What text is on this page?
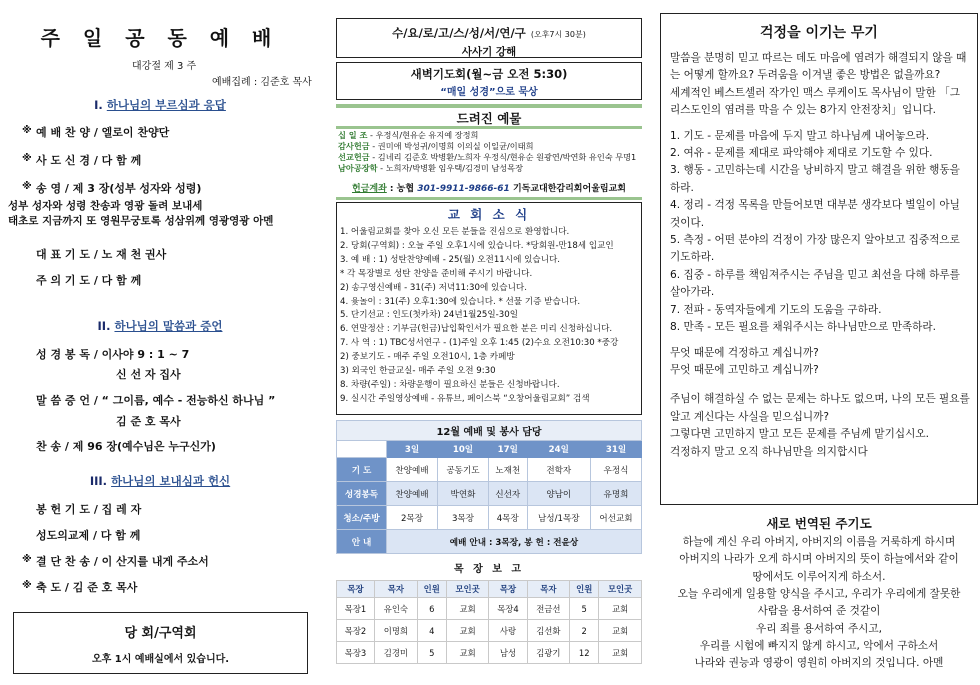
주 일 공 동 예 배
대강절 제 3 주
예배집례 : 김준호 목사
I. 하나님의 부르심과 응답
※ 예 배 찬 양 / 엘로이 찬양단
※ 사 도 신 경 / 다 함 께
※ 송 영 / 제 3 장(성부 성자와 성령)
성부 성자와 성령 찬송과 영광 돌려 보내세
태초로 지금까지 또 영원무궁토록 성삼위께 영광영광 아멘
대 표 기 도 / 노 재 천 권사
주 의 기 도 / 다 함 께
II. 하나님의 말씀과 증언
성 경 봉 독 / 이사야 9 : 1 ~ 7
신 선 자 집사
말 씀 증 언 / “ 그이름, 예수 - 전능하신 하나님 ”
김 준 호 목사
찬 송 / 제 96 장(예수님은 누구신가)
III. 하나님의 보내심과 헌신
봉 헌 기 도 / 집 레 자
성도의교제 / 다 함 께
※ 결 단 찬 송 / 이 산지를 내게 주소서
※ 축 도 / 김 준 호 목사
당 회/구역회
오후 1시 예배실에서 있습니다.
수/요/로/고/스/성/서/연/구 (오후7시 30분)
사사기 강해
새벽기도회(월~금 오전 5:30)
“매일 성경”으로 묵상
드려진 예물
십 일 조 - 우정식/현유순 유지예 장정희
감사헌금 - 권미애 박성귀/이명희 이의실 이일균/이태희
선교헌금 - 김네리 김준호 박병환/노희자 우정식/현유순 원광연/박연화 유인숙 무명1
남아공장학 - 노희자/박병환 임우택/김경미 남성목장
헌금계좌 : 농협 301-9911-9866-61 기독교대한감리회어울림교회
교 회 소 식
1. 어울림교회를 찾아 오신 모든 분들을 진심으로 환영합니다.
2. 당회(구역회) : 오늘 주일 오후1시에 있습니다. *당회원-만18세 입교인
3. 예 배 : 1) 성탄찬양예배 - 25(월) 오전11시에 있습니다.
* 각 목장별로 성탄 찬양을 준비해 주시기 바랍니다.
2) 송구영신예배 - 31(주) 저녁11:30에 있습니다.
4. 윷놀이 : 31(주) 오후1:30에 있습니다. * 선물 기증 받습니다.
5. 단기선교 : 인도(첫카차) 24년1월25일-30일
6. 연말정산 : 기부금(헌금)납입확인서가 필요한 분은 미리 신청하십니다.
7. 사 역 : 1) TBC성서연구 - (1)주일 오후 1:45 (2)수요 오전10:30 *중강
2) 중보기도 - 매주 주일 오전10시, 1층 카페방
3) 외국인 한글교실- 매주 주일 오전 9:30
8. 차량(주일) : 차량운행이 필요하신 분들은 신청바랍니다.
9. 실시간 주일영상예배 - 유튜브, 페이스북 “오창어울림교회” 검색
12월 예배 및 봉사 담당					
	3일	10일	17일	24일	31일
기 도	찬양예배	공동기도	노재천	전학자	우정식
성경봉독	찬양예배	박연화	신선자	양남이	유명희
청소/주방	2목장	3목장	4목장	남성/1목장	어선교회
안 내	예배 안내 : 3목장, 봉 헌 : 전윤상				
목 장 보 고
목장	목자	인원	모인곳	목장	목자	인원	모인곳
목장1	유인숙	6	교회	목장4	전금선	5	교회
목장2	이명희	4	교회	사랑	김선화	2	교회
목장3	김경미	5	교회	남성	김광기	12	교회
걱정을 이기는 무기
말씀을 분명히 믿고 따르는 데도 마음에 염려가 해결되지 않을 때는 어떻게 할까요? 두려움을 이겨낼 좋은 방법은 없을까요?
세계적인 베스트셀러 작가인 맥스 루케이도 목사님이 말한 「그리스도인의 염려를 막을 수 있는 8가지 안전장치」입니다.
1. 기도 - 문제를 마음에 두지 말고 하나님께 내어놓으라.
2. 여유 - 문제를 제대로 파악해야 제대로 기도할 수 있다.
3. 행동 - 고민하는데 시간을 낭비하지 말고 해결을 위한 행동을 하라.
4. 정리 - 걱정 목록을 만들어보면 대부분 생각보다 별일이 아닐 것이다.
5. 측정 - 어떤 분야의 걱정이 가장 많은지 알아보고 집중적으로 기도하라.
6. 집중 - 하루를 책임져주시는 주님을 믿고 최선을 다해 하루를 살아가라.
7. 전파 - 동역자들에게 기도의 도움을 구하라.
8. 만족 - 모든 필요를 채워주시는 하나님만으로 만족하라.
무엇 때문에 걱정하고 계십니까?
무엇 때문에 고민하고 계십니까?
주님이 해결하실 수 없는 문제는 하나도 없으며, 나의 모든 필요를 알고 계신다는 사실을 믿으십니까?
그렇다면 고민하지 말고 모든 문제를 주님께 맡기십시오.
걱정하지 말고 오직 하나님만을 의지합시다
새로 번역된 주기도
하늘에 계신 우리 아버지, 아버지의 이름을 거룩하게 하시며
아버지의 나라가 오게 하시며 아버지의 뜻이 하늘에서와 같이
땅에서도 이루어지게 하소서.
오늘 우리에게 일용할 양식을 주시고, 우리가 우리에게 잘못한
사람을 용서하여 준 것같이
우리 죄를 용서하여 주시고,
우리를 시험에 빠지지 않게 하시고, 악에서 구하소서
나라와 권능과 영광이 영원히 아버지의 것입니다. 아멘
